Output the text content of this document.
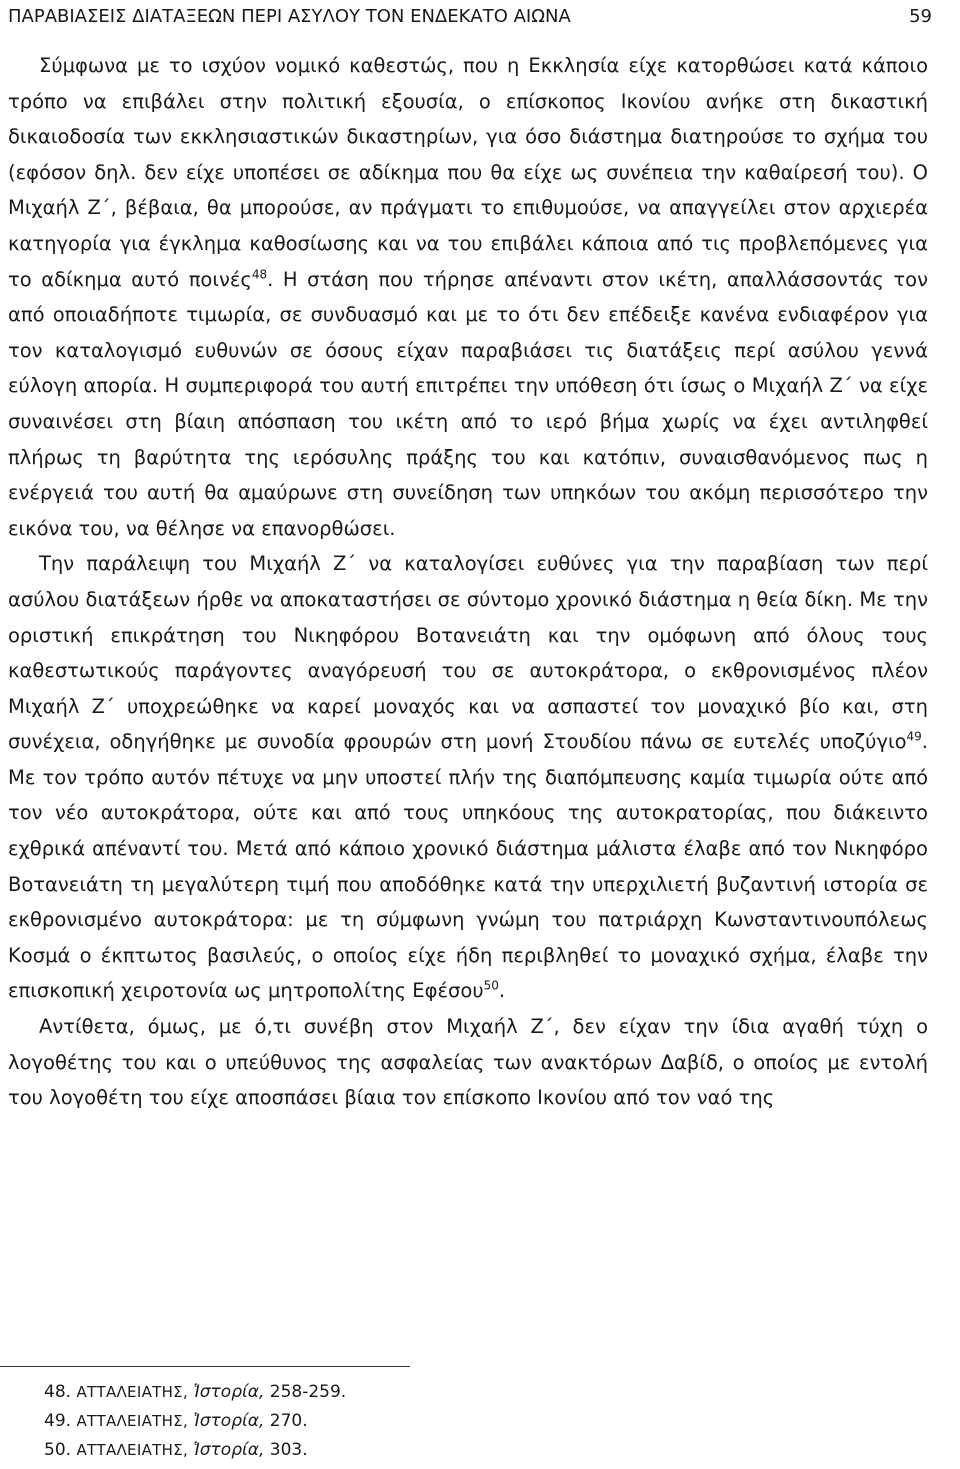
ΠΑΡΑΒΙΑΣΕΙΣ ΔΙΑΤΑΞΕΩΝ ΠΕΡΙ ΑΣΥΛΟΥ ΤΟΝ ΕΝΔΕΚΑΤΟ ΑΙΩΝΑ	59

Σύμφωνα με το ισχύον νομικό καθεστώς, που η Εκκλησία είχε κατορθώσει κατά κάποιο τρόπο να επιβάλει στην πολιτική εξουσία, ο επίσκοπος Ικονίου ανήκε στη δικαστική δικαιοδοσία των εκκλησιαστικών δικαστηρίων, για όσο διάστημα διατηρούσε το σχήμα του (εφόσον δηλ. δεν είχε υποπέσει σε αδίκημα που θα είχε ως συνέπεια την καθαίρεσή του). Ο Μιχαήλ Ζ΄, βέβαια, θα μπορούσε, αν πράγματι το επιθυμούσε, να απαγγείλει στον αρχιερέα κατηγορία για έγκλημα καθοσίωσης και να του επιβάλει κάποια από τις προβλεπόμενες για το αδίκημα αυτό ποινές$^{48}$. Η στάση που τήρησε απέναντι στον ικέτη, απαλλάσσοντάς τον από οποιαδήποτε τιμωρία, σε συνδυασμό και με το ότι δεν επέδειξε κανένα ενδιαφέρον για τον καταλογισμό ευθυνών σε όσους είχαν παραβιάσει τις διατάξεις περί ασύλου γεννά εύλογη απορία. Η συμπεριφορά του αυτή επιτρέπει την υπόθεση ότι ίσως ο Μιχαήλ Ζ΄ να είχε συναινέσει στη βίαιη απόσπαση του ικέτη από το ιερό βήμα χωρίς να έχει αντιληφθεί πλήρως τη βαρύτητα της ιερόσυλης πράξης του και κατόπιν, συναισθανόμενος πως η ενέργειά του αυτή θα αμαύρωνε στη συνείδηση των υπηκόων του ακόμη περισσότερο την εικόνα του, να θέλησε να επανορθώσει.

Την παράλειψη του Μιχαήλ Ζ΄ να καταλογίσει ευθύνες για την παραβίαση των περί ασύλου διατάξεων ήρθε να αποκαταστήσει σε σύντομο χρονικό διάστημα η θεία δίκη. Με την οριστική επικράτηση του Νικηφόρου Βοτανειάτη και την ομόφωνη από όλους τους καθεστωτικούς παράγοντες αναγόρευσή του σε αυτοκράτορα, ο εκθρονισμένος πλέον Μιχαήλ Ζ΄ υποχρεώθηκε να καρεί μοναχός και να ασπαστεί τον μοναχικό βίο και, στη συνέχεια, οδηγήθηκε με συνοδία φρουρών στη μονή Στουδίου πάνω σε ευτελές υποζύγιο$^{49}$. Με τον τρόπο αυτόν πέτυχε να μην υποστεί πλήν της διαπόμπευσης καμία τιμωρία ούτε από τον νέο αυτοκράτορα, ούτε και από τους υπηκόους της αυτοκρατορίας, που διάκειντο εχθρικά απέναντί του. Μετά από κάποιο χρονικό διάστημα μάλιστα έλαβε από τον Νικηφόρο Βοτανειάτη τη μεγαλύτερη τιμή που αποδόθηκε κατά την υπερχιλιετή βυζαντινή ιστορία σε εκθρονισμένο αυτοκράτορα: με τη σύμφωνη γνώμη του πατριάρχη Κωνσταντινουπόλεως Κοσμά ο έκπτωτος βασιλεύς, ο οποίος είχε ήδη περιβληθεί το μοναχικό σχήμα, έλαβε την επισκοπική χειροτονία ως μητροπολίτης Εφέσου$^{50}$.

Αντίθετα, όμως, με ό,τι συνέβη στον Μιχαήλ Ζ΄, δεν είχαν την ίδια αγαθή τύχη ο λογοθέτης του και ο υπεύθυνος της ασφαλείας των ανακτόρων Δαβίδ, ο οποίος με εντολή του λογοθέτη του είχε αποσπάσει βίαια τον επίσκοπο Ικονίου από τον ναό της

48. ΑΤΤΑΛΕΙΑΤΗΣ, Ἱστορία, 258-259.
49. ΑΤΤΑΛΕΙΑΤΗΣ, Ἱστορία, 270.
50. ΑΤΤΑΛΕΙΑΤΗΣ, Ἱστορία, 303.
